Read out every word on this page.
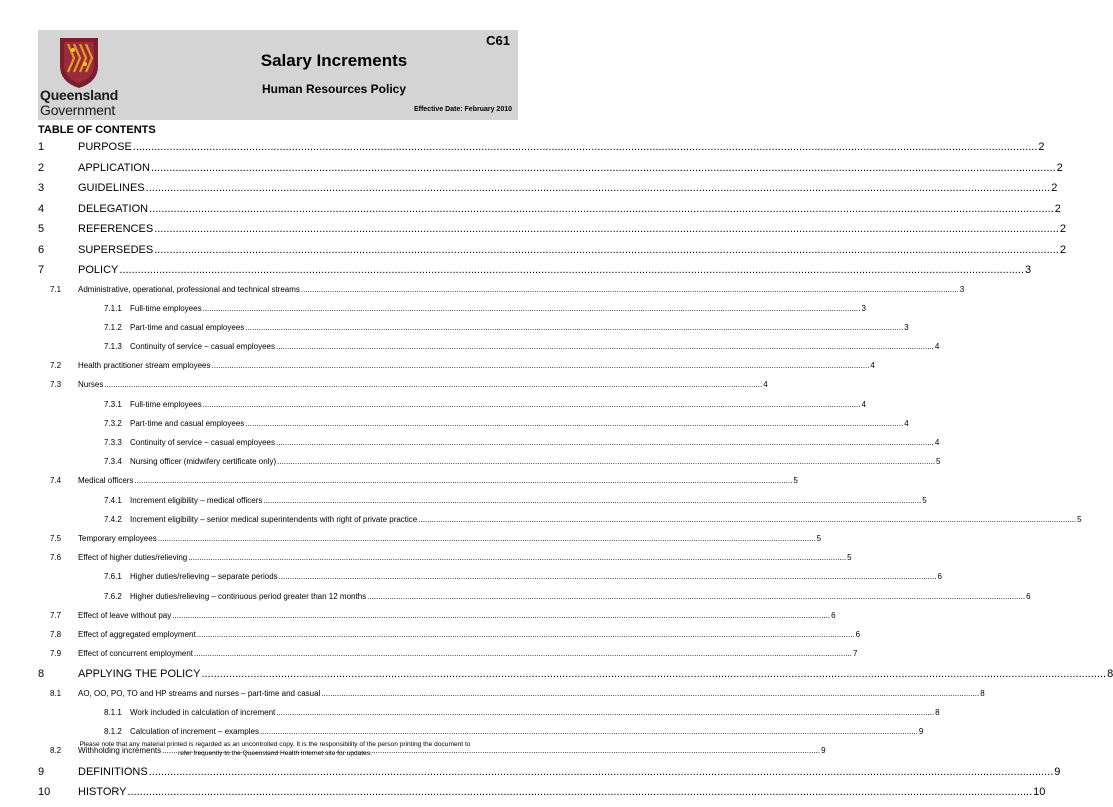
Queensland
Government
C61
Salary Increments
Human Resources Policy
Effective Date: February 2010
TABLE OF CONTENTS
1	PURPOSE .....	2
2	APPLICATION .....	2
3	GUIDELINES .....	2
4	DELEGATION .....	2
5	REFERENCES .....	2
6	SUPERSEDES .....	2
7	POLICY .....	3
7.1	Administrative, operational, professional and technical streams .....	3
7.1.1	Full-time employees .....	3
7.1.2	Part-time and casual employees .....	3
7.1.3	Continuity of service – casual employees .....	4
7.2	Health practitioner stream employees .....	4
7.3	Nurses .....	4
7.3.1	Full-time employees .....	4
7.3.2	Part-time and casual employees .....	4
7.3.3	Continuity of service – casual employees .....	4
7.3.4	Nursing officer (midwifery certificate only) .....	5
7.4	Medical officers .....	5
7.4.1	Increment eligibility – medical officers .....	5
7.4.2	Increment eligibility – senior medical superintendents with right of private practice .....	5
7.5	Temporary employees .....	5
7.6	Effect of higher duties/relieving .....	5
7.6.1	Higher duties/relieving – separate periods .....	6
7.6.2	Higher duties/relieving – continuous period greater than 12 months .....	6
7.7	Effect of leave without pay .....	6
7.8	Effect of aggregated employment .....	6
7.9	Effect of concurrent employment .....	7
8	APPLYING THE POLICY .....	8
8.1	AO, OO, PO, TO and HP streams and nurses – part-time and casual .....	8
8.1.1	Work included in calculation of increment .....	8
8.1.2	Calculation of increment – examples .....	9
8.2	Withholding increments .....	9
9	DEFINITIONS .....	9
10	HISTORY .....	10
Please note that any material printed is regarded as an uncontrolled copy. It is the responsibility of the person printing the document to
refer frequently to the Queensland Health Internet site for updates.
